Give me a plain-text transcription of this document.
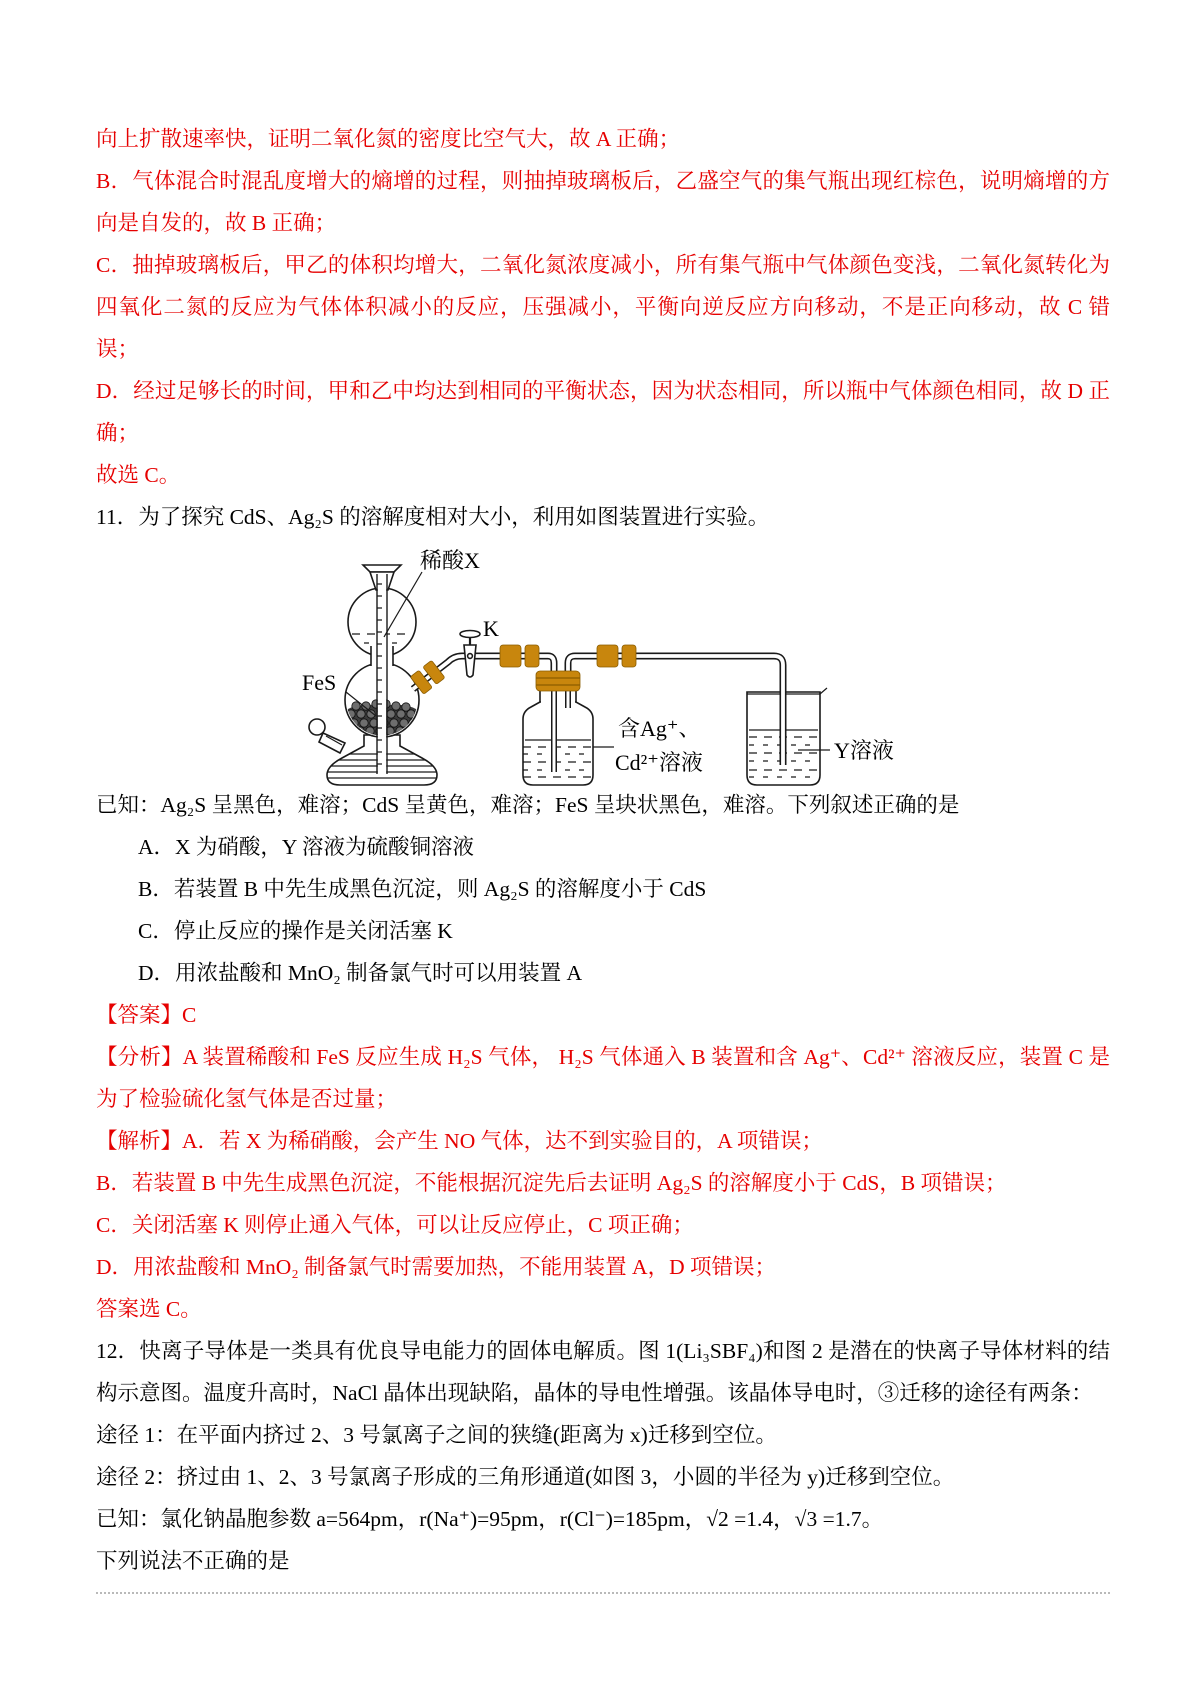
向上扩散速率快，证明二氧化氮的密度比空气大，故 A 正确；

B．气体混合时混乱度增大的熵增的过程，则抽掉玻璃板后，乙盛空气的集气瓶出现红棕色，说明熵增的方向是自发的，故 B 正确；

C．抽掉玻璃板后，甲乙的体积均增大，二氧化氮浓度减小，所有集气瓶中气体颜色变浅，二氧化氮转化为四氧化二氮的反应为气体体积减小的反应，压强减小，平衡向逆反应方向移动，不是正向移动，故 C 错误；

D．经过足够长的时间，甲和乙中均达到相同的平衡状态，因为状态相同，所以瓶中气体颜色相同，故 D 正确；

故选 C。

11．为了探究 CdS、Ag₂S 的溶解度相对大小，利用如图装置进行实验。

稀酸X
K
FeS
含Ag⁺、
Cd²⁺溶液	Y溶液

已知：Ag₂S 呈黑色，难溶；CdS 呈黄色，难溶；FeS 呈块状黑色，难溶。下列叙述正确的是

A．X 为硝酸，Y 溶液为硫酸铜溶液

B．若装置 B 中先生成黑色沉淀，则 Ag₂S 的溶解度小于 CdS

C．停止反应的操作是关闭活塞 K

D．用浓盐酸和 MnO₂ 制备氯气时可以用装置 A

【答案】C

【分析】A 装置稀酸和 FeS 反应生成 H₂S 气体， H₂S 气体通入 B 装置和含 Ag⁺、Cd²⁺ 溶液反应，装置 C 是为了检验硫化氢气体是否过量；

【解析】A．若 X 为稀硝酸，会产生 NO 气体，达不到实验目的，A 项错误；

B．若装置 B 中先生成黑色沉淀，不能根据沉淀先后去证明 Ag₂S 的溶解度小于 CdS，B 项错误；

C．关闭活塞 K 则停止通入气体，可以让反应停止，C 项正确；

D．用浓盐酸和 MnO₂ 制备氯气时需要加热，不能用装置 A，D 项错误；

答案选 C。

12．快离子导体是一类具有优良导电能力的固体电解质。图 1(Li₃SBF₄)和图 2 是潜在的快离子导体材料的结构示意图。温度升高时，NaCl 晶体出现缺陷，晶体的导电性增强。该晶体导电时，③迁移的途径有两条：

途径 1：在平面内挤过 2、3 号氯离子之间的狭缝(距离为 x)迁移到空位。

途径 2：挤过由 1、2、3 号氯离子形成的三角形通道(如图 3，小圆的半径为 y)迁移到空位。

已知：氯化钠晶胞参数 a=564pm，r(Na⁺)=95pm，r(Cl⁻)=185pm，√2 =1.4，√3 =1.7。

下列说法不正确的是
